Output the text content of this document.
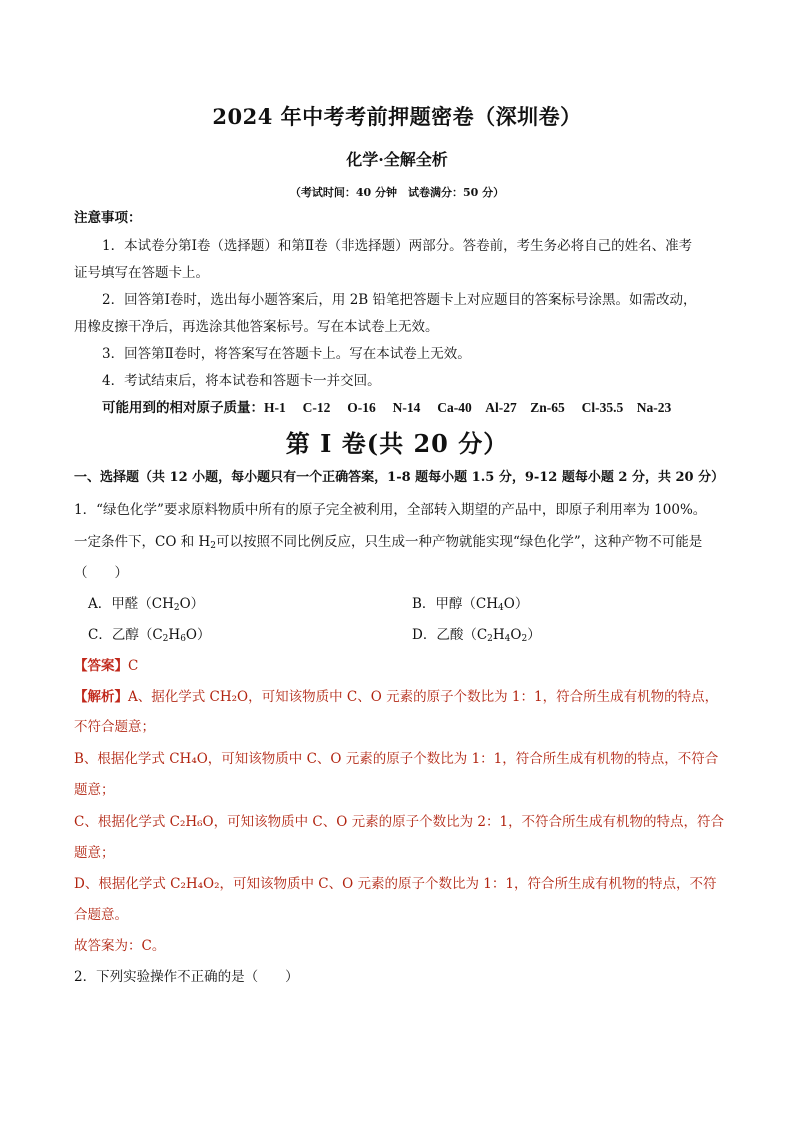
2024 年中考考前押题密卷（深圳卷）
化学·全解全析
（考试时间：40 分钟　试卷满分：50 分）
注意事项：
1．本试卷分第Ⅰ卷（选择题）和第Ⅱ卷（非选择题）两部分。答卷前，考生务必将自己的姓名、准考
证号填写在答题卡上。
2．回答第Ⅰ卷时，选出每小题答案后，用 2B 铅笔把答题卡上对应题目的答案标号涂黑。如需改动，
用橡皮擦干净后，再选涂其他答案标号。写在本试卷上无效。
3．回答第Ⅱ卷时，将答案写在答题卡上。写在本试卷上无效。
4．考试结束后，将本试卷和答题卡一并交回。
可能用到的相对原子质量：H-1　 C-12　 O-16　 N-14　 Ca-40　Al-27　Zn-65　 Cl-35.5　Na-23
第 I 卷(共 20 分）
一、选择题（共 12 小题，每小题只有一个正确答案，1-8 题每小题 1.5 分，9-12 题每小题 2 分，共 20 分）
1．“绿色化学”要求原料物质中所有的原子完全被利用，全部转入期望的产品中，即原子利用率为 100%。
一定条件下，CO 和 $H_2$可以按照不同比例反应，只生成一种产物就能实现“绿色化学”，这种产物不可能是
（　　）
A．甲醛$(CH_2O)$	B．甲醇$(CH_4O)$
C．乙醇$(C_2H_6O)$	D．乙酸$(C_2H_4O_2)$
【答案】C
【解析】A、据化学式 CH₂O，可知该物质中 C、O 元素的原子个数比为 1：1，符合所生成有机物的特点，
不符合题意；
B、根据化学式 CH₄O，可知该物质中 C、O 元素的原子个数比为 1：1，符合所生成有机物的特点，不符合
题意；
C、根据化学式 C₂H₆O，可知该物质中 C、O 元素的原子个数比为 2：1，不符合所生成有机物的特点，符合
题意；
D、根据化学式 C₂H₄O₂，可知该物质中 C、O 元素的原子个数比为 1：1，符合所生成有机物的特点，不符
合题意。
故答案为：C。
2．下列实验操作不正确的是（　　）
